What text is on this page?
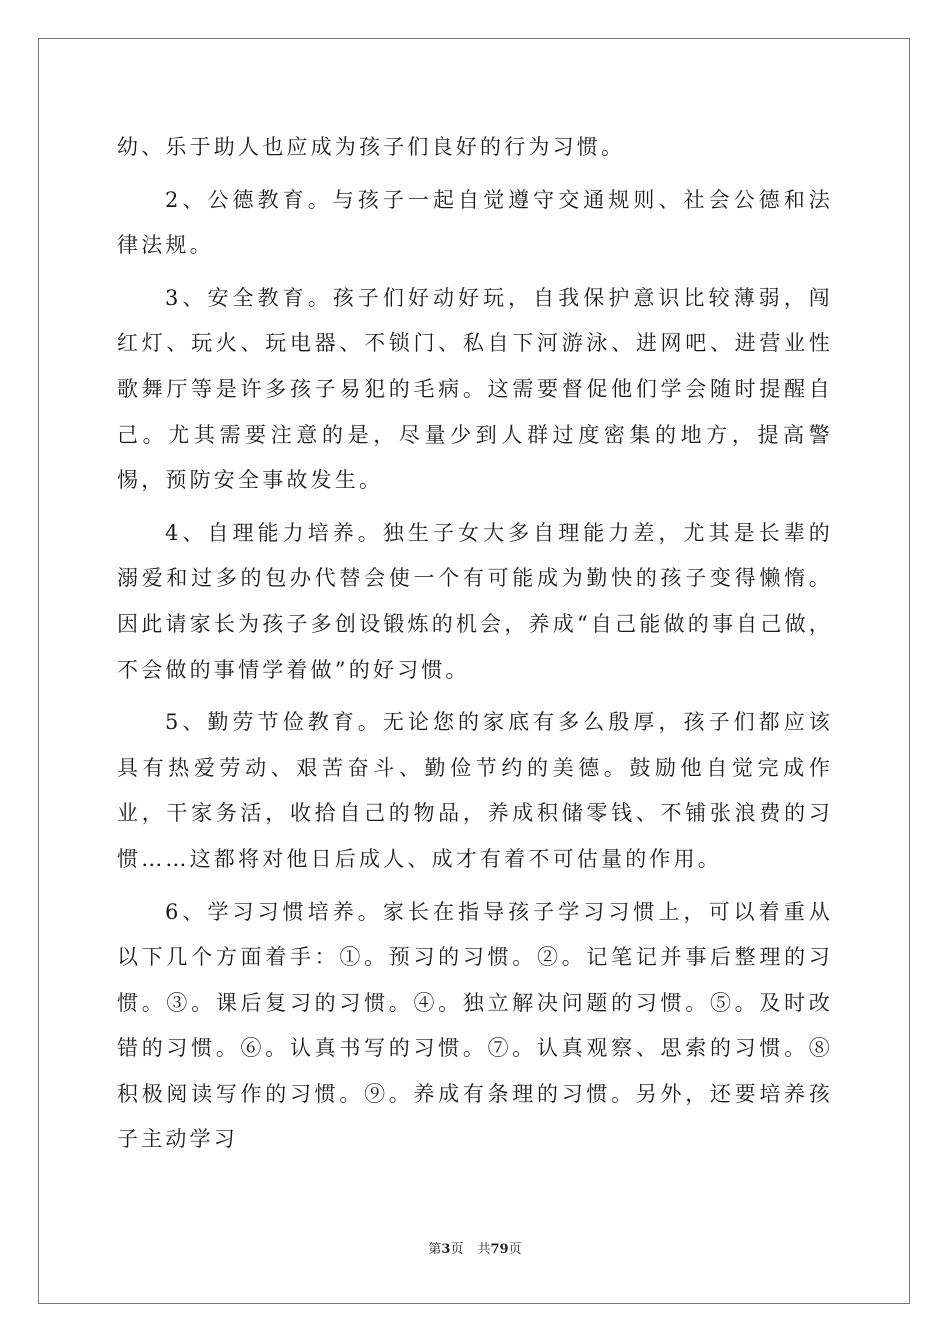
幼、乐于助人也应成为孩子们良好的行为习惯。

2、公德教育。与孩子一起自觉遵守交通规则、社会公德和法律法规。

3、安全教育。孩子们好动好玩，自我保护意识比较薄弱，闯红灯、玩火、玩电器、不锁门、私自下河游泳、进网吧、进营业性歌舞厅等是许多孩子易犯的毛病。这需要督促他们学会随时提醒自己。尤其需要注意的是，尽量少到人群过度密集的地方，提高警惕，预防安全事故发生。

4、自理能力培养。独生子女大多自理能力差，尤其是长辈的溺爱和过多的包办代替会使一个有可能成为勤快的孩子变得懒惰。因此请家长为孩子多创设锻炼的机会，养成“自己能做的事自己做，不会做的事情学着做”的好习惯。

5、勤劳节俭教育。无论您的家底有多么殷厚，孩子们都应该具有热爱劳动、艰苦奋斗、勤俭节约的美德。鼓励他自觉完成作业，干家务活，收拾自己的物品，养成积储零钱、不铺张浪费的习惯……这都将对他日后成人、成才有着不可估量的作用。

6、学习习惯培养。家长在指导孩子学习习惯上，可以着重从以下几个方面着手：①。预习的习惯。②。记笔记并事后整理的习惯。③。课后复习的习惯。④。独立解决问题的习惯。⑤。及时改错的习惯。⑥。认真书写的习惯。⑦。认真观察、思索的习惯。⑧积极阅读写作的习惯。⑨。养成有条理的习惯。另外，还要培养孩子主动学习

第3页 共79页
